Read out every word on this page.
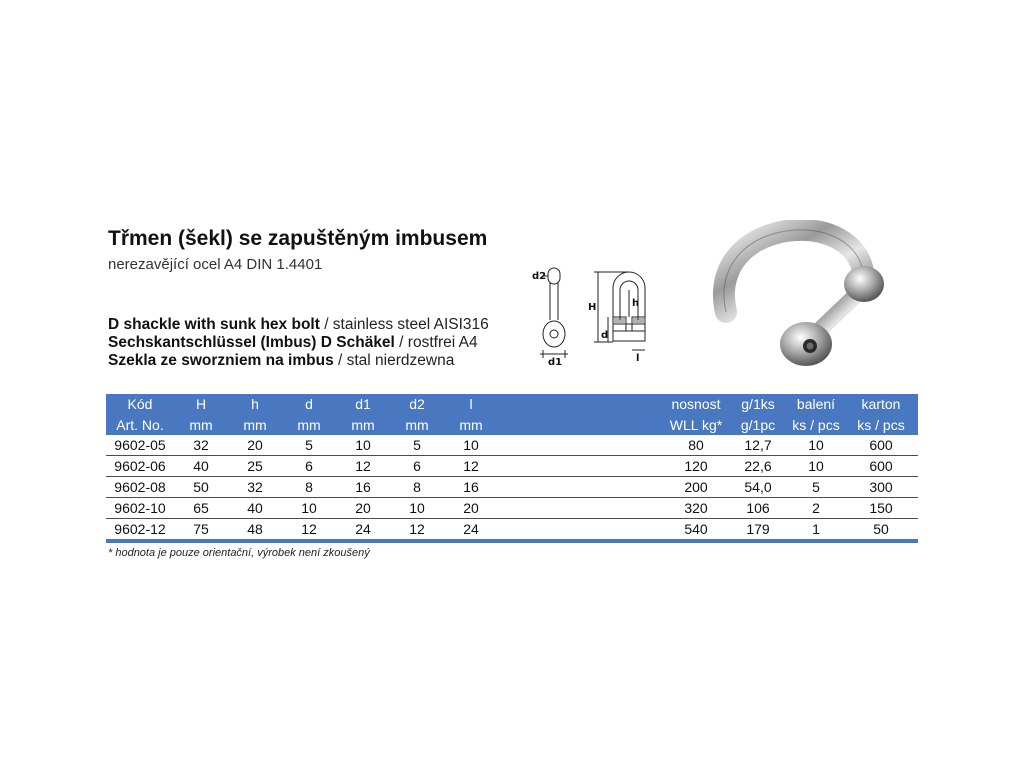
Třmen (šekl) se zapuštěným imbusem
nerezavějící ocel A4 DIN 1.4401
D shackle with sunk hex bolt / stainless steel AISI316
Sechskantschlüssel (Imbus) D Schäkel / rostfrei A4
Szekla ze sworzniem na imbus / stal nierdzewna
d2
d1
H	h
d
l
Kód	H	h	d	d1	d2	l		nosnost	g/1ks	balení	karton
Art. No.	mm	mm	mm	mm	mm	mm		WLL kg*	g/1pc	ks / pcs	ks / pcs
9602-05	32	20	5	10	5	10		80	12,7	10	600
9602-06	40	25	6	12	6	12		120	22,6	10	600
9602-08	50	32	8	16	8	16		200	54,0	5	300
9602-10	65	40	10	20	10	20		320	106	2	150
9602-12	75	48	12	24	12	24		540	179	1	50
* hodnota je pouze orientační, výrobek není zkoušený
